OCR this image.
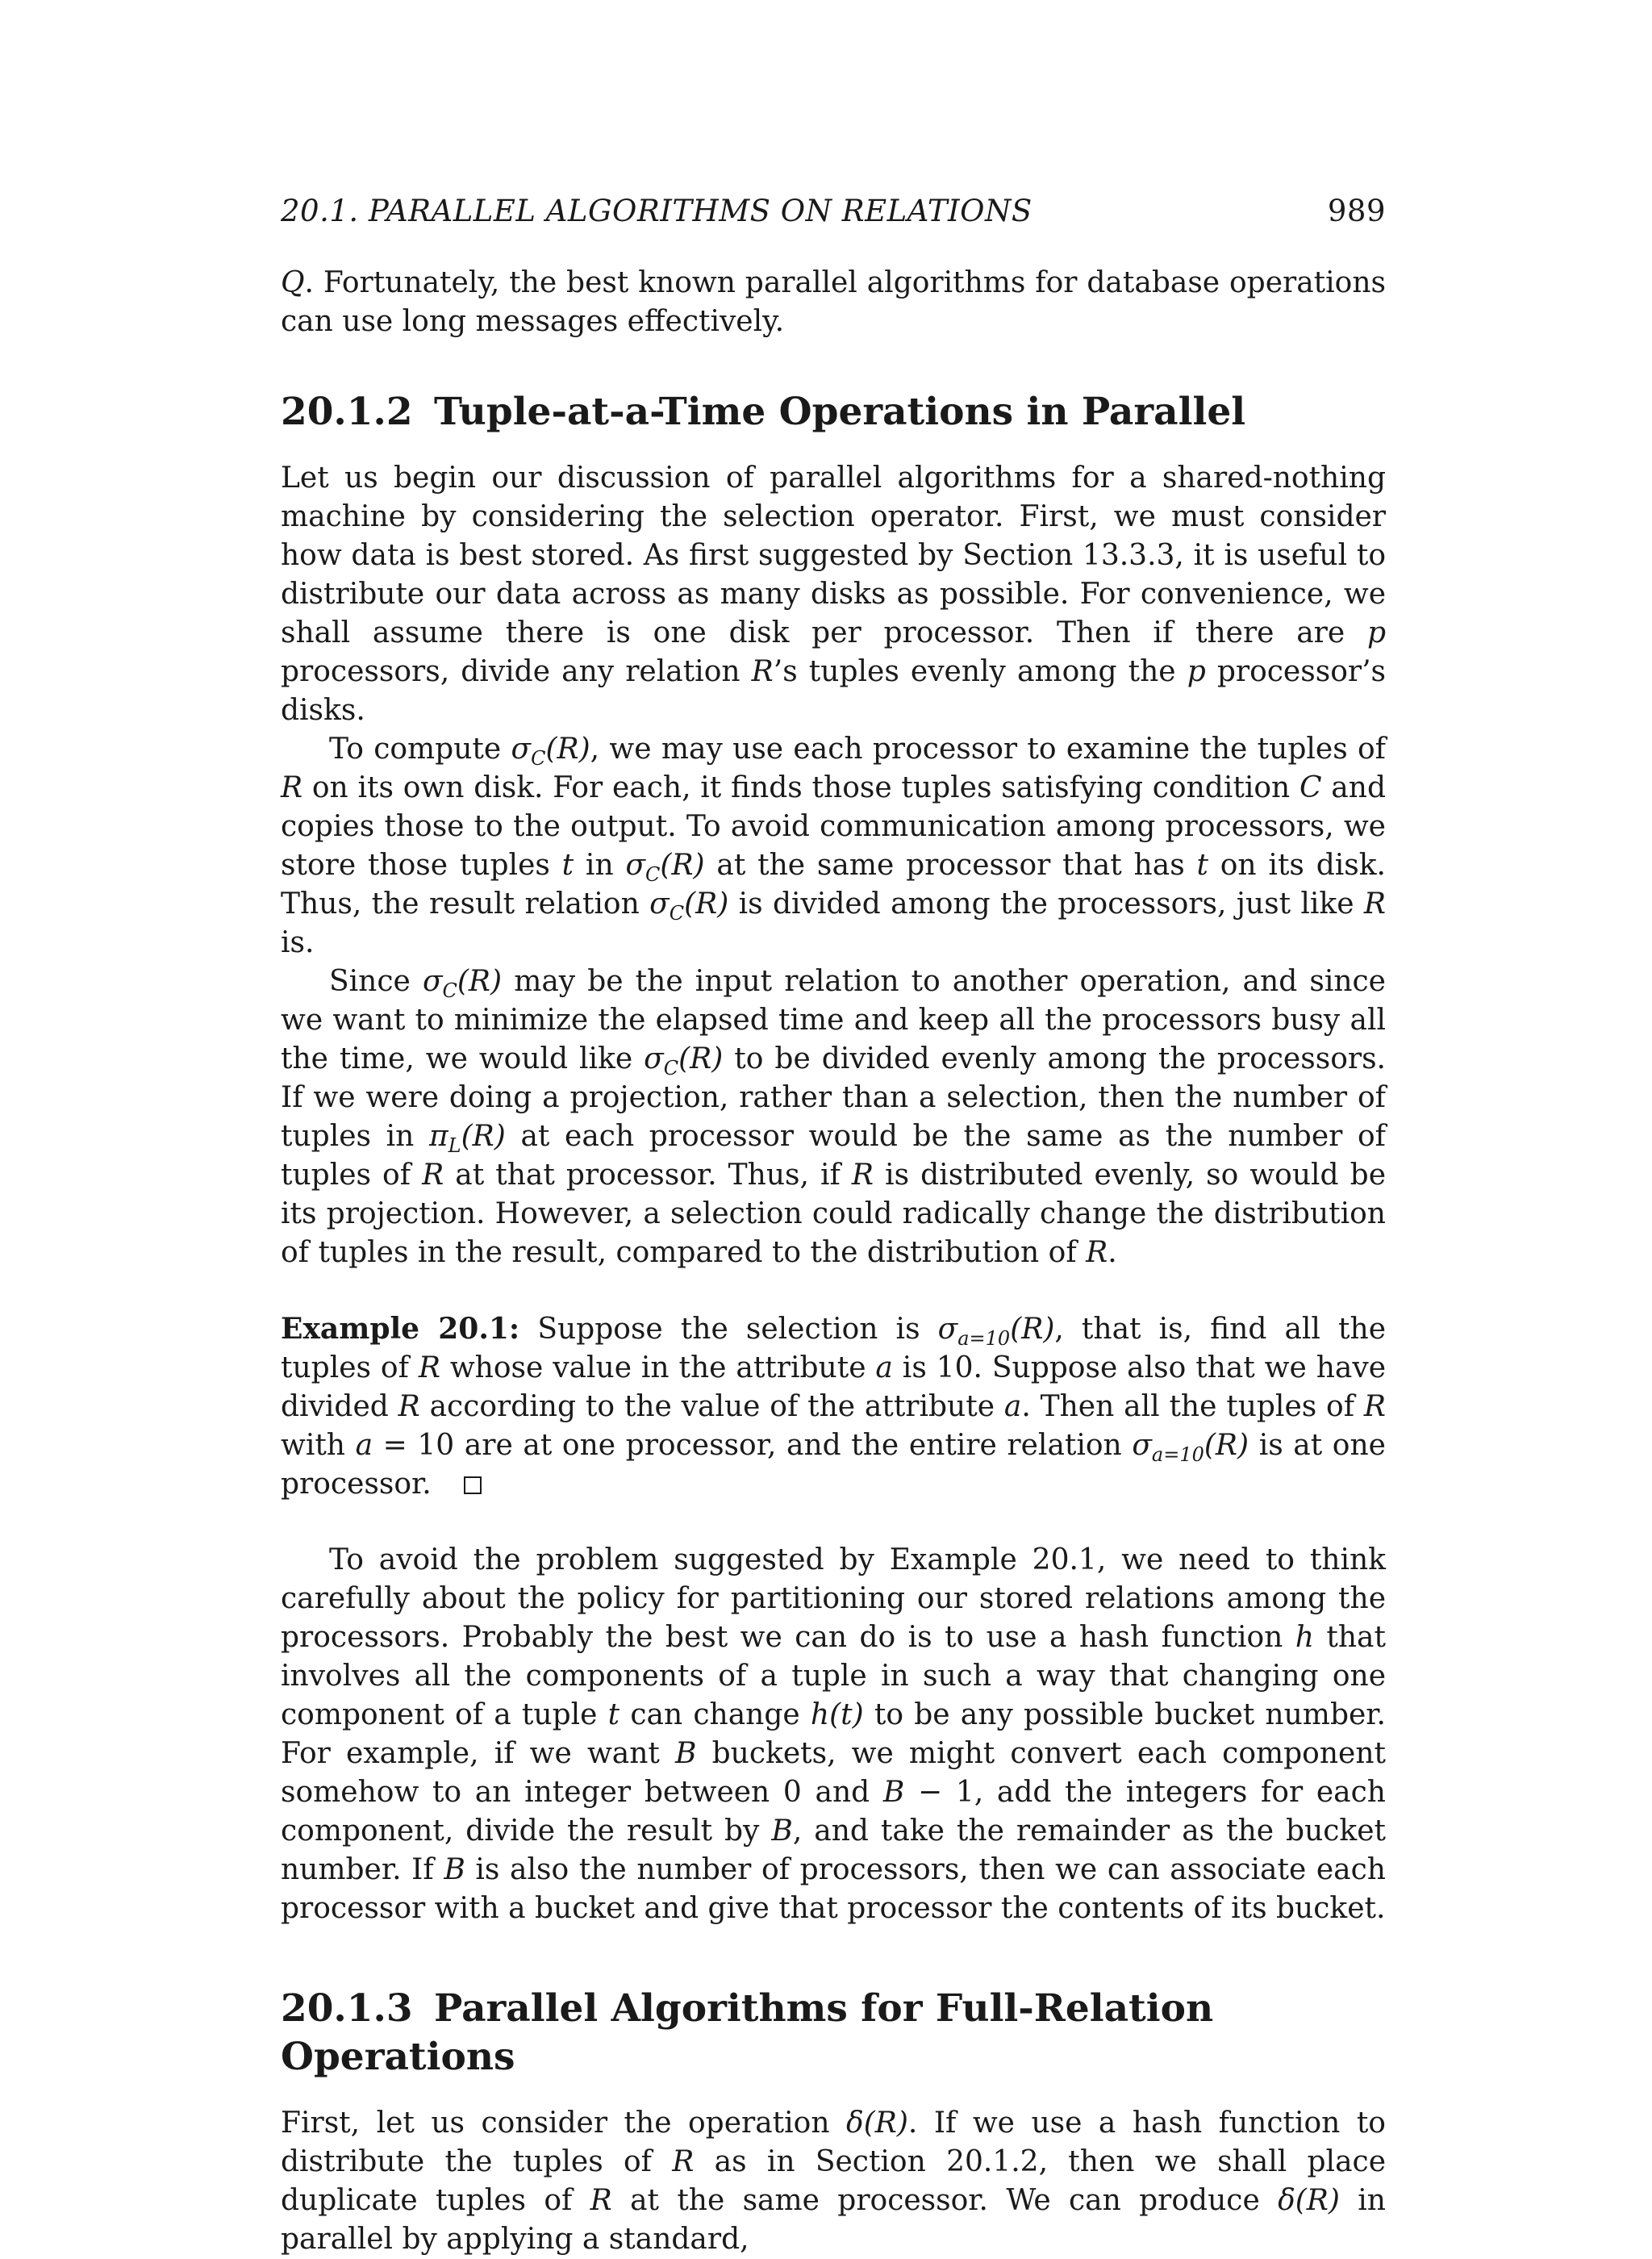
20.1. PARALLEL ALGORITHMS ON RELATIONS	989

Q. Fortunately, the best known parallel algorithms for database operations can use long messages effectively.

20.1.2 Tuple-at-a-Time Operations in Parallel

Let us begin our discussion of parallel algorithms for a shared-nothing machine by considering the selection operator. First, we must consider how data is best stored. As first suggested by Section 13.3.3, it is useful to distribute our data across as many disks as possible. For convenience, we shall assume there is one disk per processor. Then if there are p processors, divide any relation R’s tuples evenly among the p processor’s disks.

To compute $\sigma_C(R)$, we may use each processor to examine the tuples of R on its own disk. For each, it finds those tuples satisfying condition C and copies those to the output. To avoid communication among processors, we store those tuples t in $\sigma_C(R)$ at the same processor that has t on its disk. Thus, the result relation $\sigma_C(R)$ is divided among the processors, just like R is.

Since $\sigma_C(R)$ may be the input relation to another operation, and since we want to minimize the elapsed time and keep all the processors busy all the time, we would like $\sigma_C(R)$ to be divided evenly among the processors. If we were doing a projection, rather than a selection, then the number of tuples in $\pi_L(R)$ at each processor would be the same as the number of tuples of R at that processor. Thus, if R is distributed evenly, so would be its projection. However, a selection could radically change the distribution of tuples in the result, compared to the distribution of R.

Example 20.1: Suppose the selection is $\sigma_{a=10}(R)$, that is, find all the tuples of R whose value in the attribute a is 10. Suppose also that we have divided R according to the value of the attribute a. Then all the tuples of R with a = 10 are at one processor, and the entire relation $\sigma_{a=10}(R)$ is at one processor.

To avoid the problem suggested by Example 20.1, we need to think carefully about the policy for partitioning our stored relations among the processors. Probably the best we can do is to use a hash function h that involves all the components of a tuple in such a way that changing one component of a tuple t can change h(t) to be any possible bucket number. For example, if we want B buckets, we might convert each component somehow to an integer between 0 and B − 1, add the integers for each component, divide the result by B, and take the remainder as the bucket number. If B is also the number of processors, then we can associate each processor with a bucket and give that processor the contents of its bucket.

20.1.3 Parallel Algorithms for Full-Relation Operations

First, let us consider the operation δ(R). If we use a hash function to distribute the tuples of R as in Section 20.1.2, then we shall place duplicate tuples of R at the same processor. We can produce δ(R) in parallel by applying a standard,
